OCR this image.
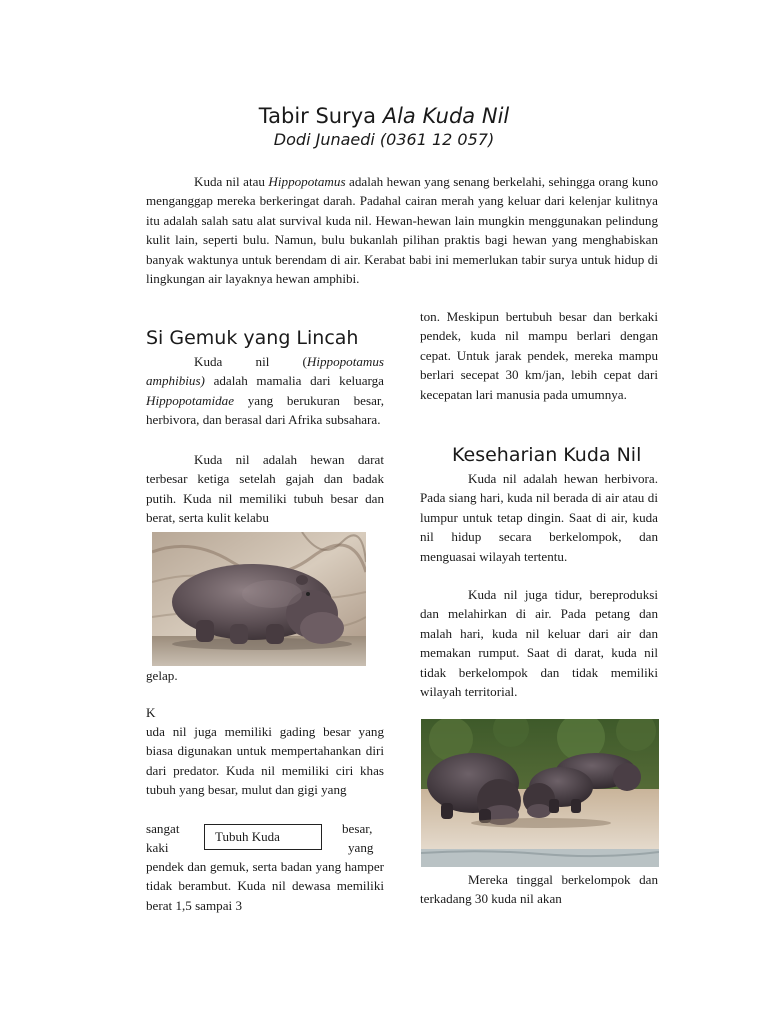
Tabir Surya Ala Kuda Nil
Dodi Junaedi (0361 12 057)

Kuda nil atau Hippopotamus adalah hewan yang senang berkelahi, sehingga orang kuno menganggap mereka berkeringat darah. Padahal cairan merah yang keluar dari kelenjar kulitnya itu adalah salah satu alat survival kuda nil. Hewan-hewan lain mungkin menggunakan pelindung kulit lain, seperti bulu. Namun, bulu bukanlah pilihan praktis bagi hewan yang menghabiskan banyak waktunya untuk berendam di air. Kerabat babi ini memerlukan tabir surya untuk hidup di lingkungan air layaknya hewan amphibi.

Si Gemuk yang Lincah

Kuda nil (Hippopotamus amphibius) adalah mamalia dari keluarga Hippopotamidae yang berukuran besar, herbivora, dan berasal dari Afrika subsahara.

Kuda nil adalah hewan darat terbesar ketiga setelah gajah dan badak putih. Kuda nil memiliki tubuh besar dan berat, serta kulit kelabu

gelap.
K

uda nil juga memiliki gading besar yang biasa digunakan untuk mempertahankan diri dari predator. Kuda nil memiliki ciri khas tubuh yang besar, mulut dan gigi yang

sangat	besar,
kaki	yang
Tubuh Kuda

pendek dan gemuk, serta badan yang hamper tidak berambut. Kuda nil dewasa memiliki berat 1,5 sampai 3

ton. Meskipun bertubuh besar dan berkaki pendek, kuda nil mampu berlari dengan cepat. Untuk jarak pendek, mereka mampu berlari secepat 30 km/jan, lebih cepat dari kecepatan lari manusia pada umumnya.

Keseharian Kuda Nil

Kuda nil adalah hewan herbivora. Pada siang hari, kuda nil berada di air atau di lumpur untuk tetap dingin. Saat di air, kuda nil hidup secara berkelompok, dan menguasai wilayah tertentu.

Kuda nil juga tidur, bereproduksi dan melahirkan di air. Pada petang dan malah hari, kuda nil keluar dari air dan memakan rumput. Saat di darat, kuda nil tidak berkelompok dan tidak memiliki wilayah territorial.

Mereka tinggal berkelompok dan terkadang 30 kuda nil akan
